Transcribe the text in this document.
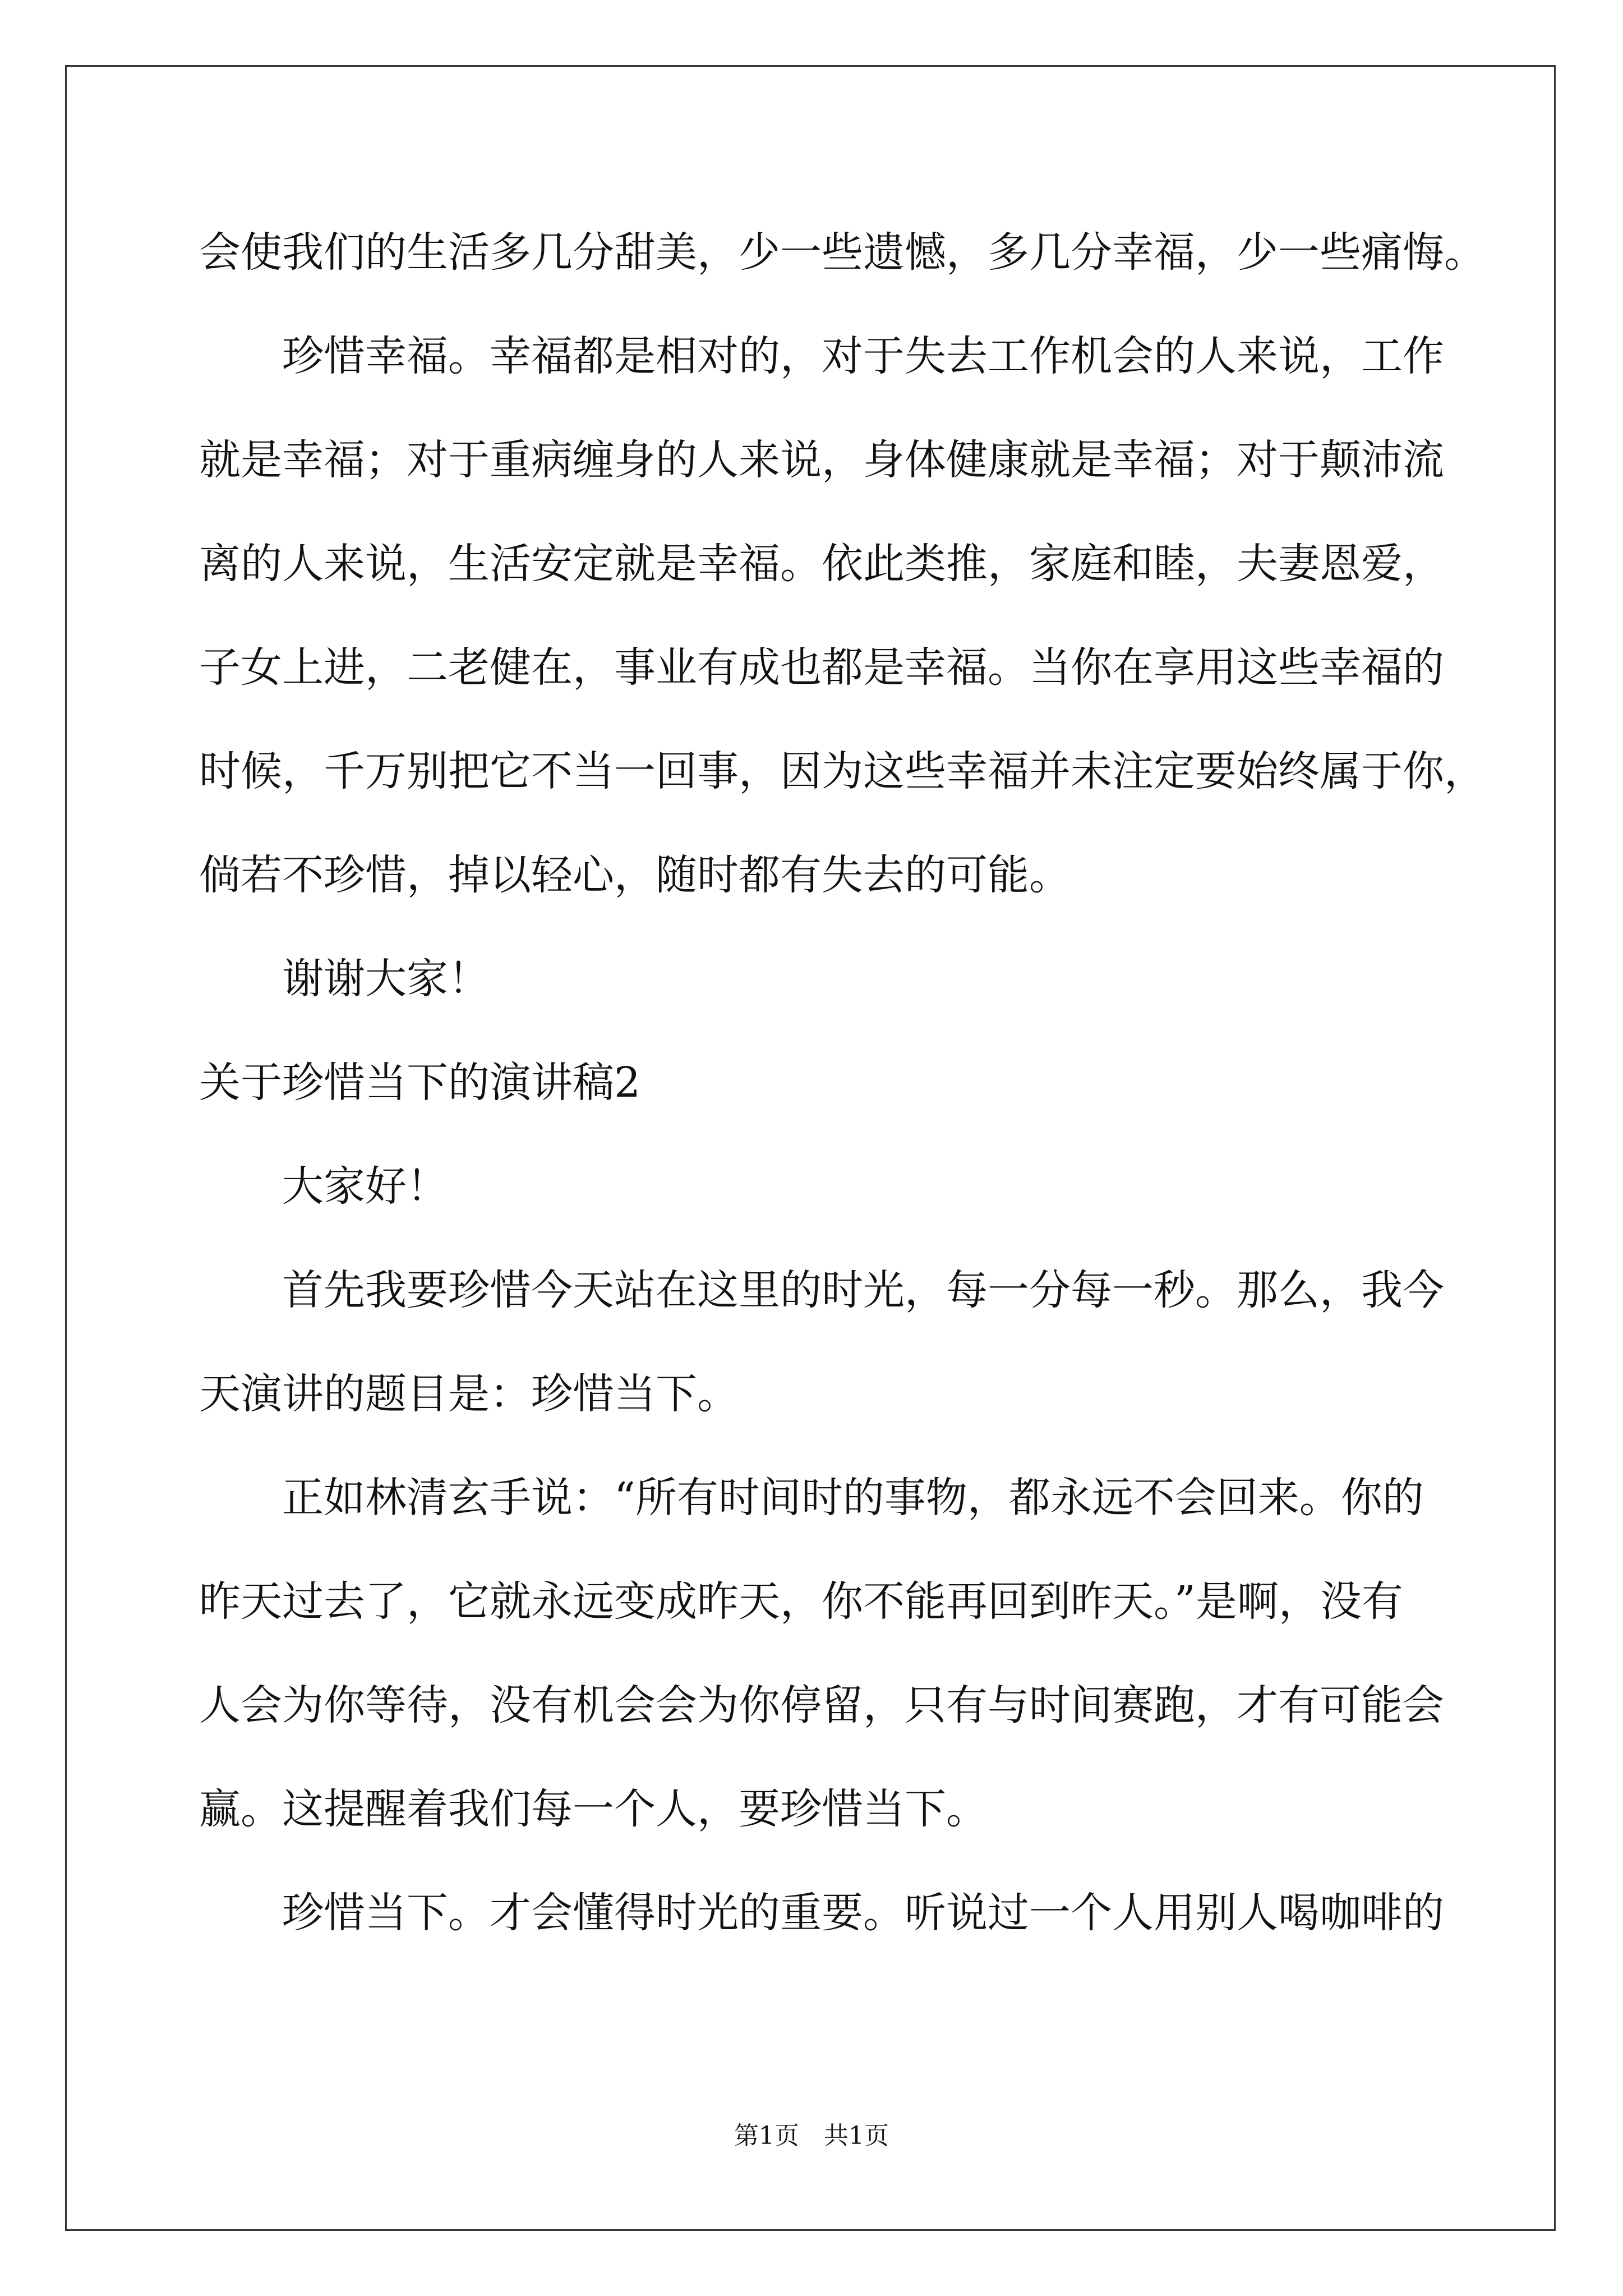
会使我们的生活多几分甜美，少一些遗憾，多几分幸福，少一些痛悔。
珍惜幸福。幸福都是相对的，对于失去工作机会的人来说，工作
就是幸福；对于重病缠身的人来说，身体健康就是幸福；对于颠沛流
离的人来说，生活安定就是幸福。依此类推，家庭和睦，夫妻恩爱，
子女上进，二老健在，事业有成也都是幸福。当你在享用这些幸福的
时候，千万别把它不当一回事，因为这些幸福并未注定要始终属于你，
倘若不珍惜，掉以轻心，随时都有失去的可能。
谢谢大家！
关于珍惜当下的演讲稿2
大家好！
首先我要珍惜今天站在这里的时光，每一分每一秒。那么，我今
天演讲的题目是：珍惜当下。
正如林清玄手说：“所有时间时的事物，都永远不会回来。你的
昨天过去了，它就永远变成昨天，你不能再回到昨天。”是啊，没有
人会为你等待，没有机会会为你停留，只有与时间赛跑，才有可能会
赢。这提醒着我们每一个人，要珍惜当下。
珍惜当下。才会懂得时光的重要。听说过一个人用别人喝咖啡的
第1页　共1页
